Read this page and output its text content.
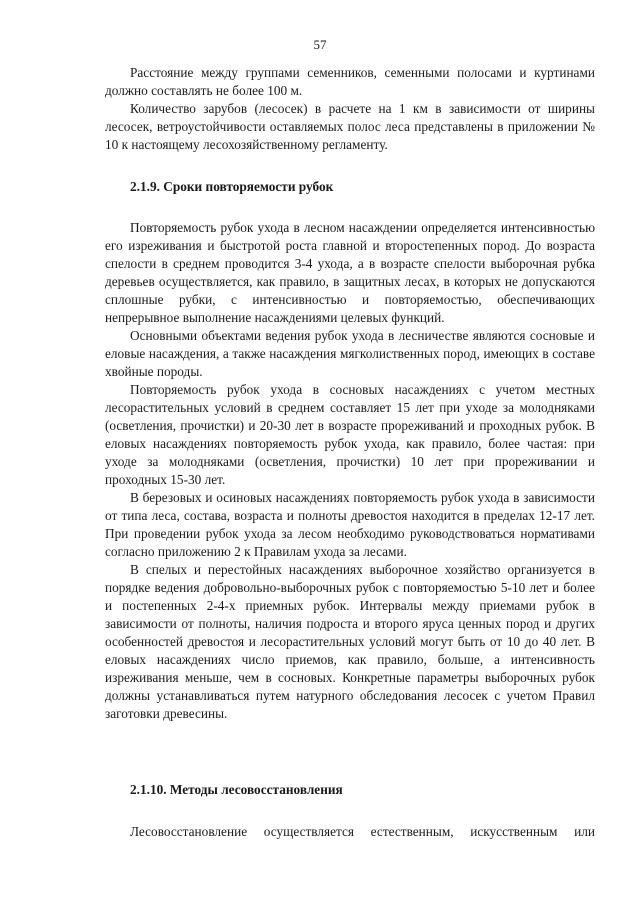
57

Расстояние между группами семенников, семенными полосами и куртинами должно составлять не более 100 м.

Количество зарубов (лесосек) в расчете на 1 км в зависимости от ширины лесосек, ветроустойчивости оставляемых полос леса представлены в приложении № 10 к настоящему лесохозяйственному регламенту.

2.1.9. Сроки повторяемости рубок

Повторяемость рубок ухода в лесном насаждении определяется интенсивностью его изреживания и быстротой роста главной и второстепенных пород. До возраста спелости в среднем проводится 3-4 ухода, а в возрасте спелости выборочная рубка деревьев осуществляется, как правило, в защитных лесах, в которых не допускаются сплошные рубки, с интенсивностью и повторяемостью, обеспечивающих непрерывное выполнение насаждениями целевых функций.

Основными объектами ведения рубок ухода в лесничестве являются сосновые и еловые насаждения, а также насаждения мягколиственных пород, имеющих в составе хвойные породы.

Повторяемость рубок ухода в сосновых насаждениях с учетом местных лесорастительных условий в среднем составляет 15 лет при уходе за молодняками (осветления, прочистки) и 20-30 лет в возрасте прореживаний и проходных рубок. В еловых насаждениях повторяемость рубок ухода, как правило, более частая: при уходе за молодняками (осветления, прочистки) 10 лет при прореживании и проходных 15-30 лет.

В березовых и осиновых насаждениях повторяемость рубок ухода в зависимости от типа леса, состава, возраста и полноты древостоя находится в пределах 12-17 лет. При проведении рубок ухода за лесом необходимо руководствоваться нормативами согласно приложению 2 к Правилам ухода за лесами.

В спелых и перестойных насаждениях выборочное хозяйство организуется в порядке ведения добровольно-выборочных рубок с повторяемостью 5-10 лет и более и постепенных 2-4-х приемных рубок. Интервалы между приемами рубок в зависимости от полноты, наличия подроста и второго яруса ценных пород и других особенностей древостоя и лесорастительных условий могут быть от 10 до 40 лет. В еловых насаждениях число приемов, как правило, больше, а интенсивность изреживания меньше, чем в сосновых. Конкретные параметры выборочных рубок должны устанавливаться путем натурного обследования лесосек с учетом Правил заготовки древесины.

2.1.10. Методы лесовосстановления

Лесовосстановление осуществляется естественным, искусственным или
